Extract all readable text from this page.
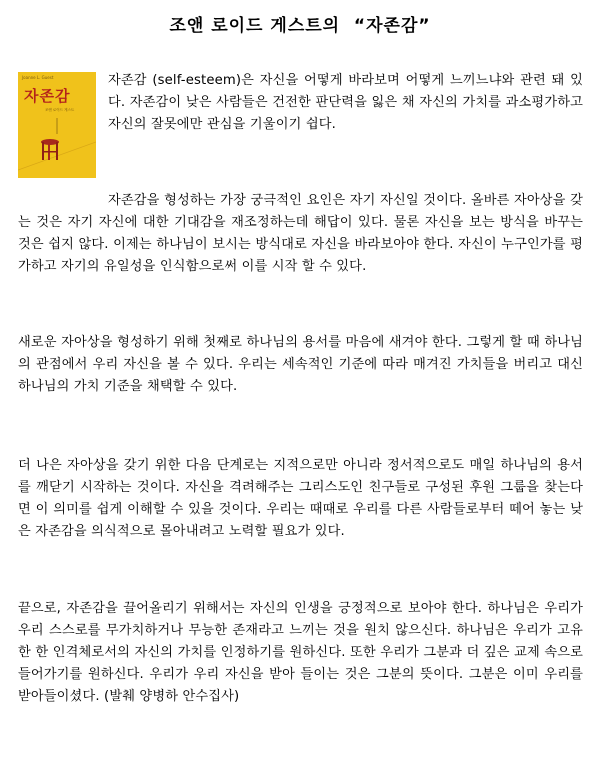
조앤 로이드 게스트의  “자존감”
Joanne L. Guest
자존감
조앤 로이드 게스트

자존감 (self-esteem)은 자신을 어떻게 바라보며 어떻게 느끼느냐와 관련 돼 있다. 자존감이 낮은 사람들은 건전한 판단력을 잃은 채 자신의 가치를 과소평가하고 자신의 잘못에만 관심을 기울이기 쉽다.

자존감을 형성하는 가장 궁극적인 요인은 자기 자신일 것이다. 올바른 자아상을 갖는 것은 자기 자신에 대한 기대감을 재조정하는데 해답이 있다. 물론 자신을 보는 방식을 바꾸는 것은 쉽지 않다. 이제는 하나님이 보시는 방식대로 자신을 바라보아야 한다. 자신이 누구인가를 평가하고 자기의 유일성을 인식함으로써 이를 시작 할 수 있다.

새로운 자아상을 형성하기 위해 첫째로 하나님의 용서를 마음에 새겨야 한다. 그렇게 할 때 하나님의 관점에서 우리 자신을 볼 수 있다. 우리는 세속적인 기준에 따라 매겨진 가치들을 버리고 대신 하나님의 가치 기준을 채택할 수 있다.

더 나은 자아상을 갖기 위한 다음 단계로는 지적으로만 아니라 정서적으로도 매일 하나님의 용서를 깨닫기 시작하는 것이다. 자신을 격려해주는 그리스도인 친구들로 구성된 후원 그룹을 찾는다면 이 의미를 쉽게 이해할 수 있을 것이다. 우리는 때때로 우리를 다른 사람들로부터 떼어 놓는 낮은 자존감을 의식적으로 몰아내려고 노력할 필요가 있다.

끝으로, 자존감을 끌어올리기 위해서는 자신의 인생을 긍정적으로 보아야 한다. 하나님은 우리가 우리 스스로를 무가치하거나 무능한 존재라고 느끼는 것을 원치 않으신다. 하나님은 우리가 고유한 한 인격체로서의 자신의 가치를 인정하기를 원하신다. 또한 우리가 그분과 더 깊은 교제 속으로 들어가기를 원하신다. 우리가 우리 자신을 받아 들이는 것은 그분의 뜻이다. 그분은 이미 우리를 받아들이셨다. (발췌 양병하 안수집사)
